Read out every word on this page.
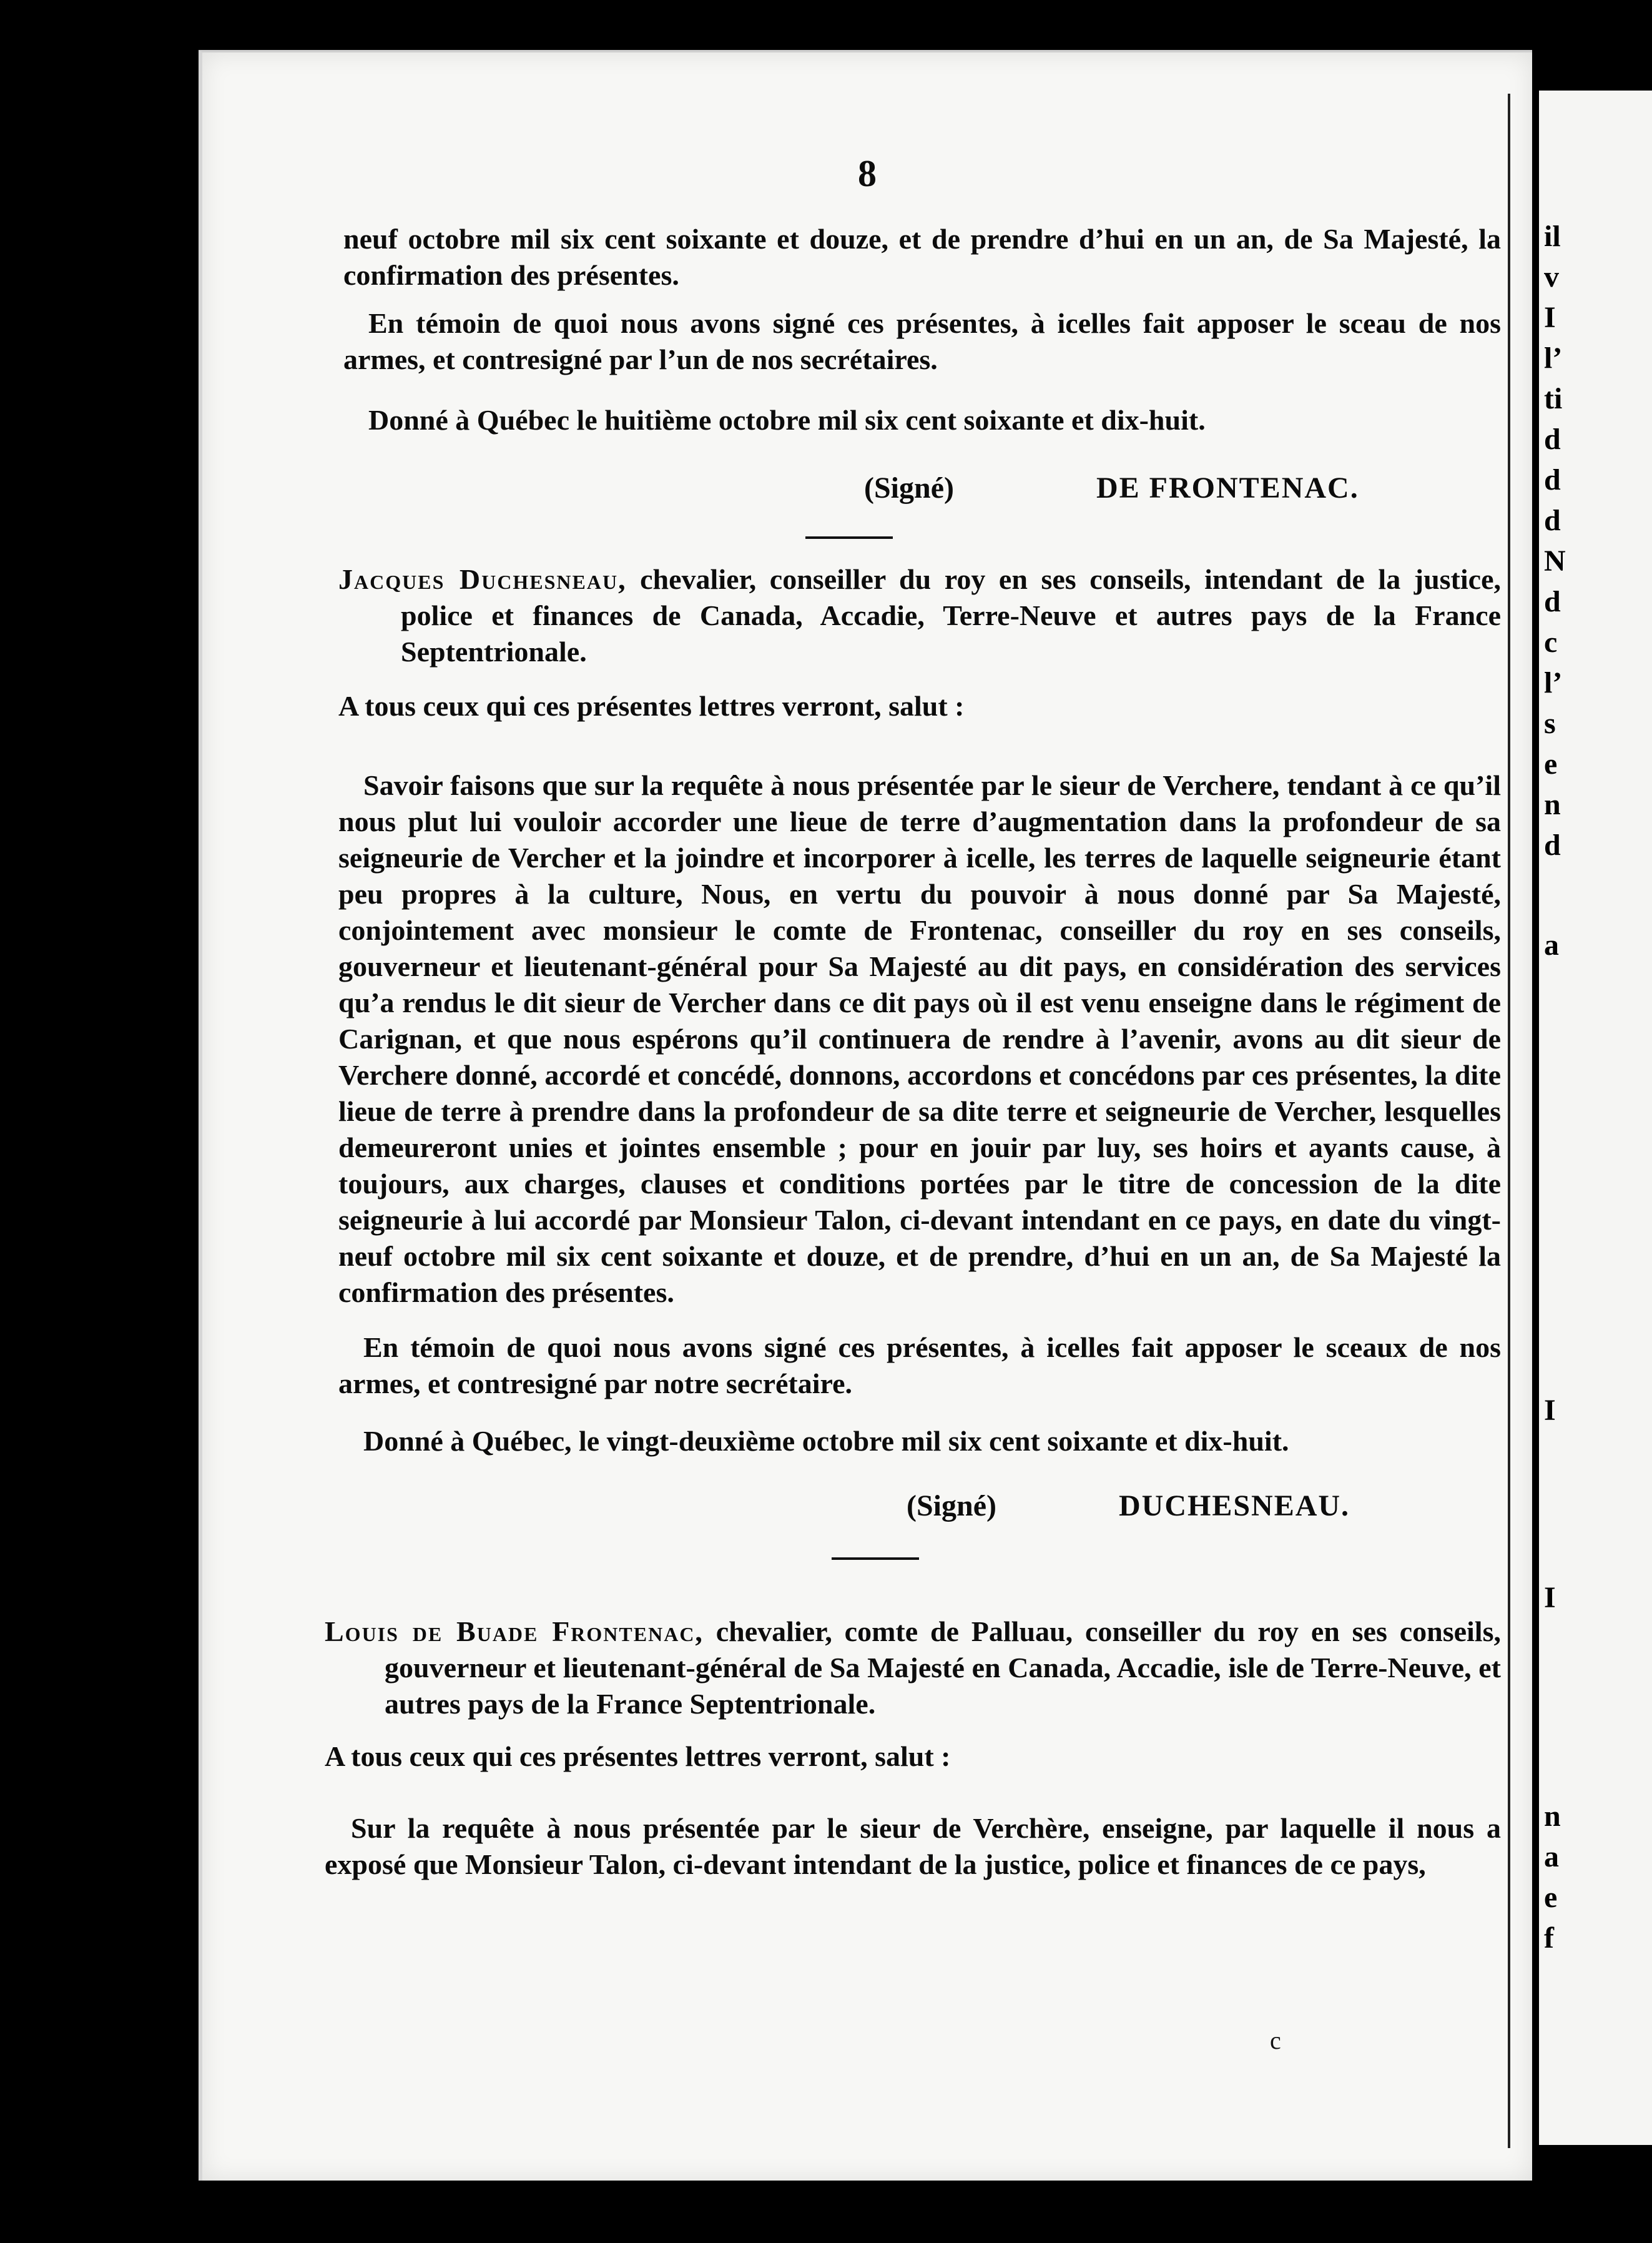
il
v
I
l’
ti
d
d
d
N
d
c
l’
s
e
n
d
a
I
I
n
a
e
f
8

neuf octobre mil six cent soixante et douze, et de prendre d’hui en un an, de Sa Majesté, la confirmation des présentes.

En témoin de quoi nous avons signé ces présentes, à icelles fait apposer le sceau de nos armes, et contresigné par l’un de nos secrétaires.

Donné à Québec le huitième octobre mil six cent soixante et dix-huit.

(Signé)	DE FRONTENAC.

Jacques Duchesneau, chevalier, conseiller du roy en ses conseils, intendant de la justice, police et finances de Canada, Accadie, Terre-Neuve et autres pays de la France Septentrionale.

A tous ceux qui ces présentes lettres verront, salut :

Savoir faisons que sur la requête à nous présentée par le sieur de Verchere, tendant à ce qu’il nous plut lui vouloir accorder une lieue de terre d’augmentation dans la profondeur de sa seigneurie de Vercher et la joindre et incorporer à icelle, les terres de laquelle seigneurie étant peu propres à la culture, Nous, en vertu du pouvoir à nous donné par Sa Majesté, conjointement avec monsieur le comte de Frontenac, conseiller du roy en ses conseils, gouverneur et lieutenant-général pour Sa Majesté au dit pays, en considération des services qu’a rendus le dit sieur de Vercher dans ce dit pays où il est venu enseigne dans le régiment de Carignan, et que nous espérons qu’il continuera de rendre à l’avenir, avons au dit sieur de Verchere donné, accordé et concédé, donnons, accordons et concédons par ces présentes, la dite lieue de terre à prendre dans la profondeur de sa dite terre et seigneurie de Vercher, lesquelles demeureront unies et jointes ensemble ; pour en jouir par luy, ses hoirs et ayants cause, à toujours, aux charges, clauses et conditions portées par le titre de concession de la dite seigneurie à lui accordé par Monsieur Talon, ci-devant intendant en ce pays, en date du vingt-neuf octobre mil six cent soixante et douze, et de prendre, d’hui en un an, de Sa Majesté la confirmation des présentes.

En témoin de quoi nous avons signé ces présentes, à icelles fait apposer le sceaux de nos armes, et contresigné par notre secrétaire.

Donné à Québec, le vingt-deuxième octobre mil six cent soixante et dix-huit.

(Signé)	DUCHESNEAU.

Louis de Buade Frontenac, chevalier, comte de Palluau, conseiller du roy en ses conseils, gouverneur et lieutenant-général de Sa Majesté en Canada, Accadie, isle de Terre-Neuve, et autres pays de la France Septentrionale.

A tous ceux qui ces présentes lettres verront, salut :

Sur la requête à nous présentée par le sieur de Verchère, enseigne, par laquelle il nous a exposé que Monsieur Talon, ci-devant intendant de la justice, police et finances de ce pays,

c
